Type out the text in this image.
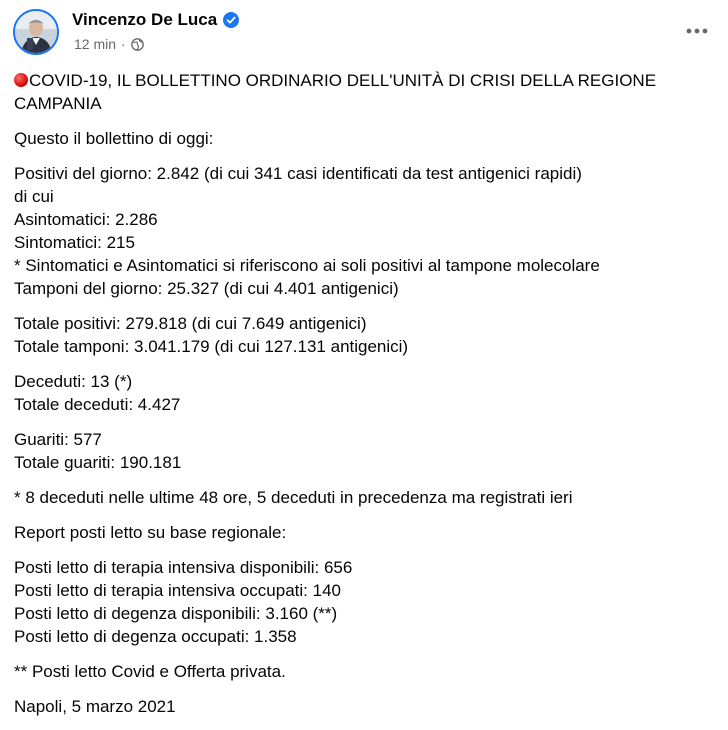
Vincenzo De Luca
12 min ·

COVID-19, IL BOLLETTINO ORDINARIO DELL'UNITÀ DI CRISI DELLA REGIONE CAMPANIA

Questo il bollettino di oggi:

Positivi del giorno: 2.842 (di cui 341 casi identificati da test antigenici rapidi)
di cui
Asintomatici: 2.286
Sintomatici: 215
* Sintomatici e Asintomatici si riferiscono ai soli positivi al tampone molecolare
Tamponi del giorno: 25.327 (di cui 4.401 antigenici)

Totale positivi: 279.818 (di cui 7.649 antigenici)
Totale tamponi: 3.041.179 (di cui 127.131 antigenici)

Deceduti: 13 (*)
Totale deceduti: 4.427

Guariti: 577
Totale guariti: 190.181

* 8 deceduti nelle ultime 48 ore, 5 deceduti in precedenza ma registrati ieri

Report posti letto su base regionale:

Posti letto di terapia intensiva disponibili: 656
Posti letto di terapia intensiva occupati: 140
Posti letto di degenza disponibili: 3.160 (**)
Posti letto di degenza occupati: 1.358

** Posti letto Covid e Offerta privata.

Napoli, 5 marzo 2021
